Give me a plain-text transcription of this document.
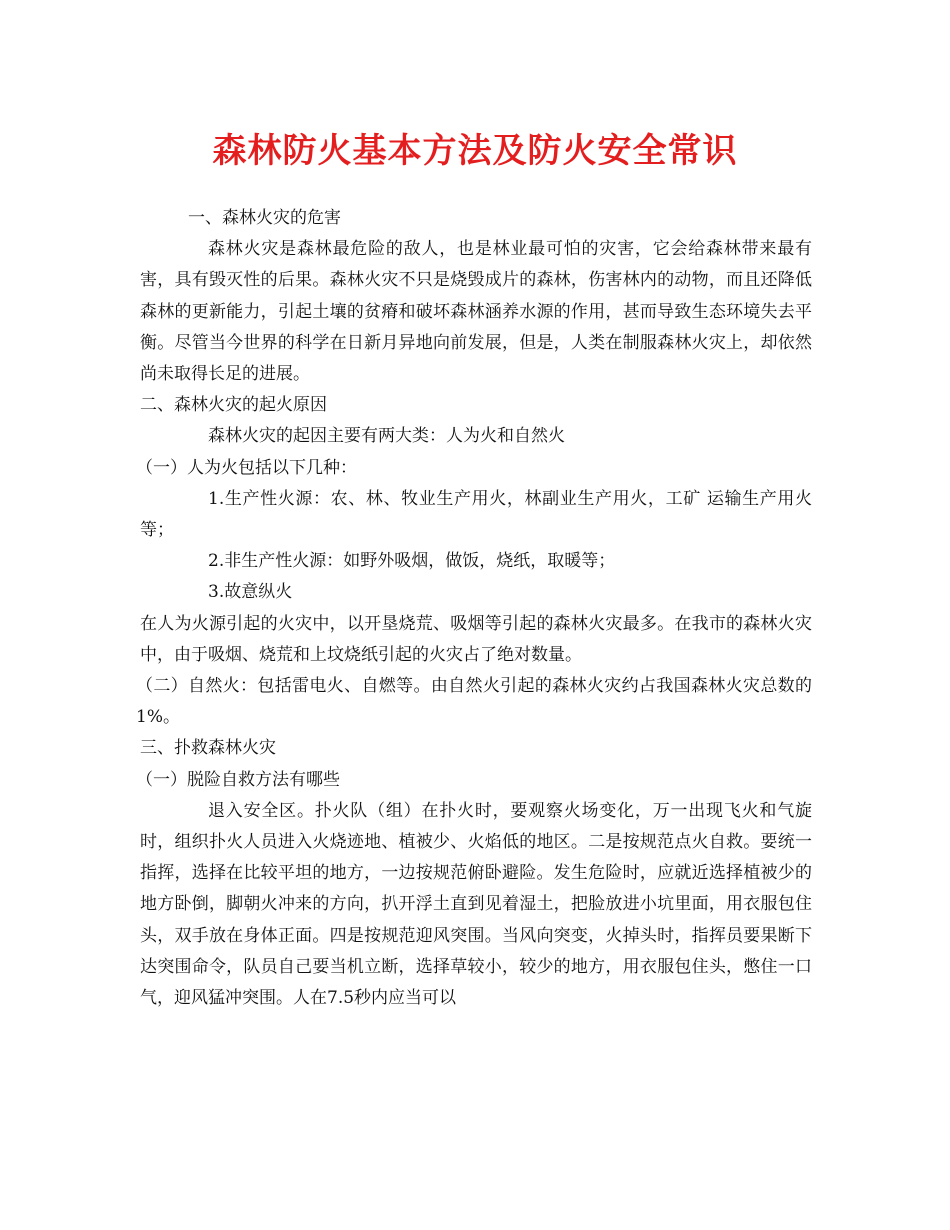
森林防火基本方法及防火安全常识

一、森林火灾的危害

森林火灾是森林最危险的敌人，也是林业最可怕的灾害，它会给森林带来最有害，具有毁灭性的后果。森林火灾不只是烧毁成片的森林，伤害林内的动物，而且还降低森林的更新能力，引起土壤的贫瘠和破坏森林涵养水源的作用，甚而导致生态环境失去平衡。尽管当今世界的科学在日新月异地向前发展，但是，人类在制服森林火灾上，却依然尚未取得长足的进展。

二、森林火灾的起火原因

森林火灾的起因主要有两大类：人为火和自然火

（一）人为火包括以下几种：

1.生产性火源：农、林、牧业生产用火，林副业生产用火，工矿 运输生产用火等；

2.非生产性火源：如野外吸烟，做饭，烧纸，取暖等；

3.故意纵火

在人为火源引起的火灾中，以开垦烧荒、吸烟等引起的森林火灾最多。在我市的森林火灾中，由于吸烟、烧荒和上坟烧纸引起的火灾占了绝对数量。

（二）自然火：包括雷电火、自燃等。由自然火引起的森林火灾约占我国森林火灾总数的1%。

三、扑救森林火灾

（一）脱险自救方法有哪些

退入安全区。扑火队（组）在扑火时，要观察火场变化，万一出现飞火和气旋时，组织扑火人员进入火烧迹地、植被少、火焰低的地区。二是按规范点火自救。要统一指挥，选择在比较平坦的地方，一边按规范俯卧避险。发生危险时，应就近选择植被少的地方卧倒，脚朝火冲来的方向，扒开浮土直到见着湿土，把脸放进小坑里面，用衣服包住头，双手放在身体正面。四是按规范迎风突围。当风向突变，火掉头时，指挥员要果断下达突围命令，队员自己要当机立断，选择草较小，较少的地方，用衣服包住头，憋住一口气，迎风猛冲突围。人在7.5秒内应当可以
